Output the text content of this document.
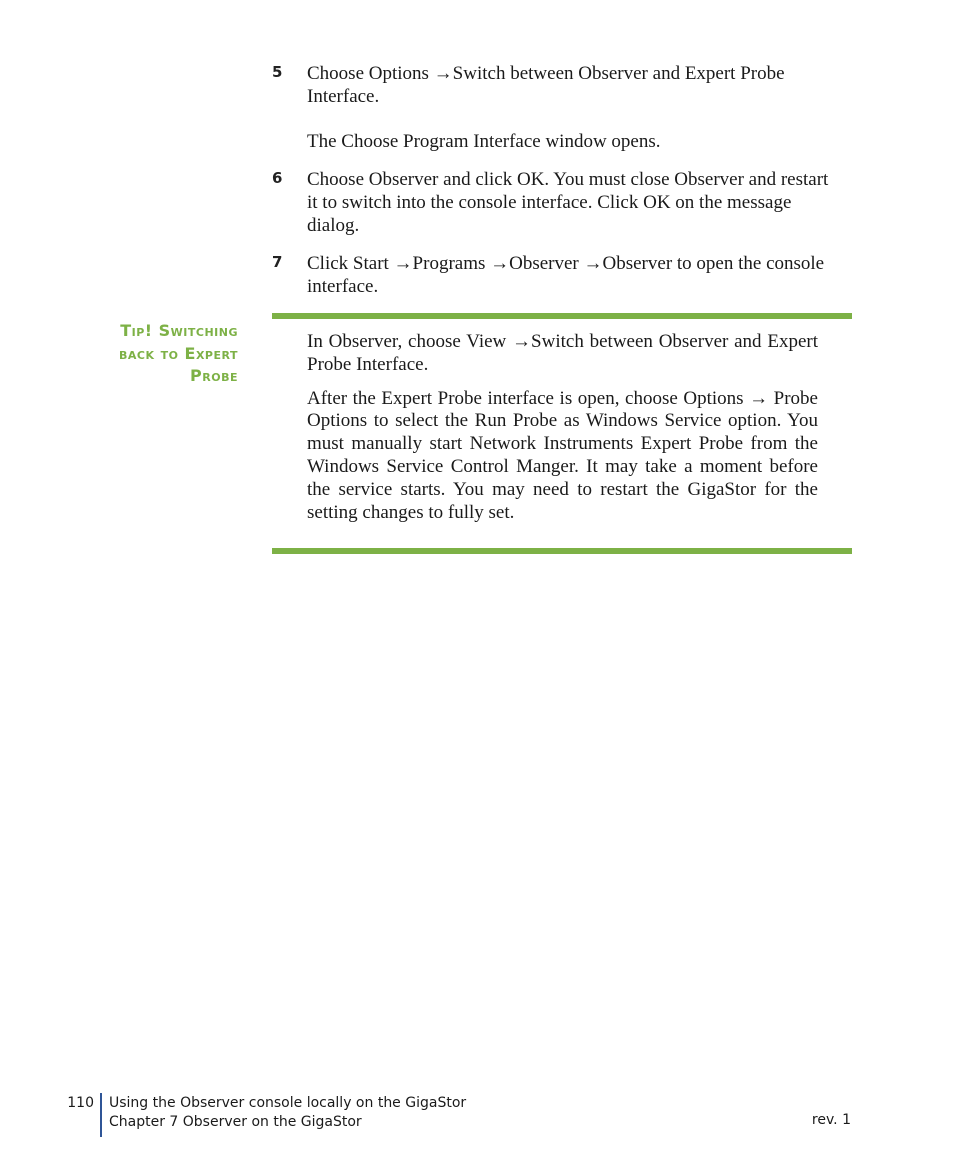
5 Choose Options →Switch between Observer and Expert Probe Interface.

The Choose Program Interface window opens.

6 Choose Observer and click OK. You must close Observer and restart it to switch into the console interface. Click OK on the message dialog.

7 Click Start →Programs →Observer →Observer to open the console interface.

Tip! Switching
back to Expert
Probe

In Observer, choose View →Switch between Observer and Expert Probe Interface.

After the Expert Probe interface is open, choose Options → Probe Options to select the Run Probe as Windows Service option. You must manually start Network Instruments Expert Probe from the Windows Service Control Manger. It may take a moment before the service starts. You may need to restart the GigaStor for the setting changes to fully set.

110 Using the Observer console locally on the GigaStor
Chapter 7 Observer on the GigaStor	rev. 1
